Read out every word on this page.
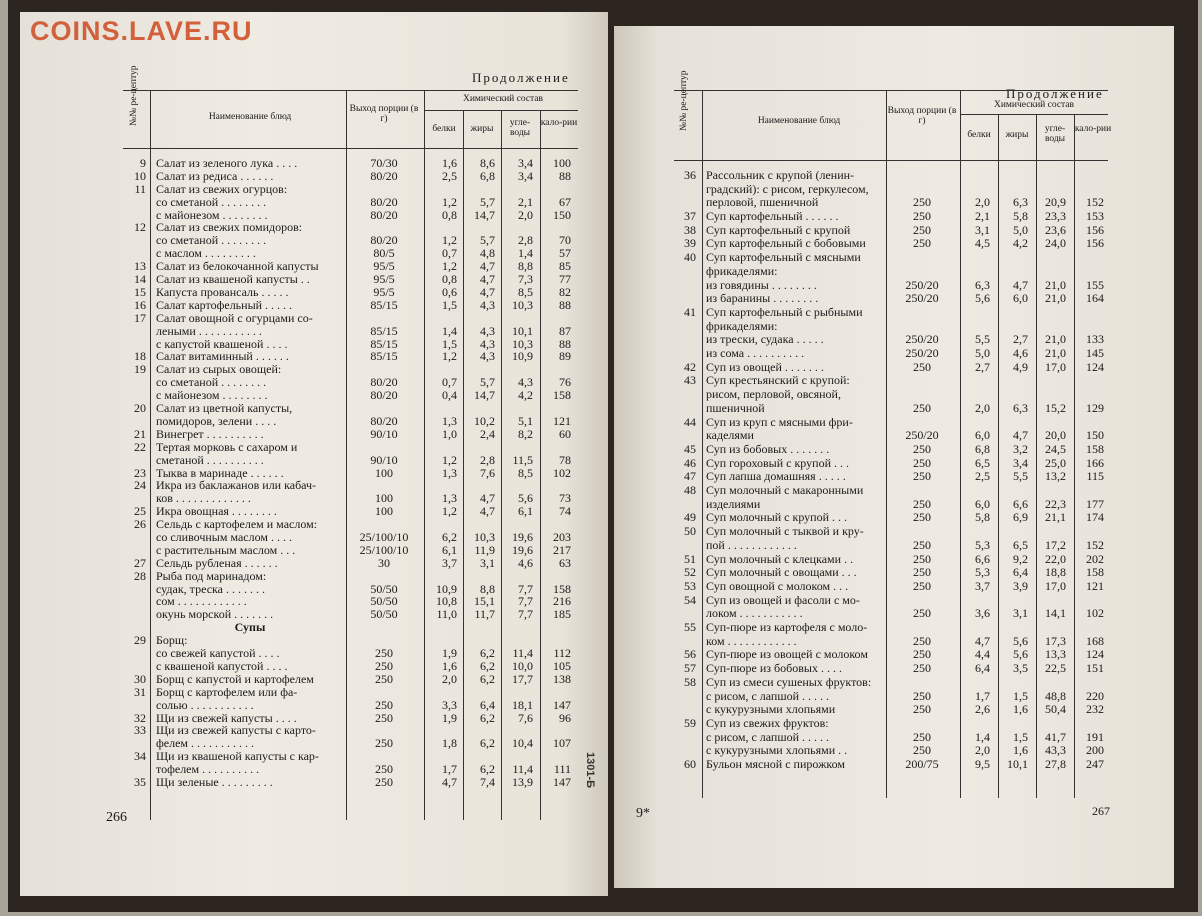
Продолжение
№№ ре-цептур	Наименование блюд
Выход порции (в г)
Химический состав
белки	жиры
угле-воды
кало-рии
9 Салат из зеленого лука . . . .	70/30	1,6	8,6	3,4	100
10 Салат из редиса . . . . . .	80/20	2,5	6,8	3,4	88
11 Салат из свежих огурцов:
со сметаной . . . . . . . .	80/20	1,2	5,7	2,1	67
с майонезом . . . . . . . .	80/20	0,8	14,7	2,0	150
12 Салат из свежих помидоров:
со сметаной . . . . . . . .	80/20	1,2	5,7	2,8	70
с маслом . . . . . . . . .	80/5	0,7	4,8	1,4	57
13 Салат из белокочанной капусты	95/5	1,2	4,7	8,8	85
14 Салат из квашеной капусты . .	95/5	0,8	4,7	7,3	77
15 Капуста провансаль . . . . .	95/5	0,6	4,7	8,5	82
16 Салат картофельный . . . . .	85/15	1,5	4,3	10,3	88
17 Салат овощной с огурцами со-
леными . . . . . . . . . . .	85/15	1,4	4,3	10,1	87
с капустой квашеной . . . .	85/15	1,5	4,3	10,3	88
18 Салат витаминный . . . . . .	85/15	1,2	4,3	10,9	89
19 Салат из сырых овощей:
со сметаной . . . . . . . .	80/20	0,7	5,7	4,3	76
с майонезом . . . . . . . .	80/20	0,4	14,7	4,2	158
20 Салат из цветной капусты,
помидоров, зелени . . . .	80/20	1,3	10,2	5,1	121
21 Винегрет . . . . . . . . . .	90/10	1,0	2,4	8,2	60
22 Тертая морковь с сахаром и
сметаной . . . . . . . . . .	90/10	1,2	2,8	11,5	78
23 Тыква в маринаде . . . . . .	100	1,3	7,6	8,5	102
24 Икра из баклажанов или кабач-
ков . . . . . . . . . . . . .	100	1,3	4,7	5,6	73
25 Икра овощная . . . . . . . .	100	1,2	4,7	6,1	74
26 Сельдь с картофелем и маслом:
со сливочным маслом . . . .	25/100/10	6,2	10,3	19,6	203
с растительным маслом . . .	25/100/10	6,1	11,9	19,6	217
27 Сельдь рубленая . . . . . .	30	3,7	3,1	4,6	63
28 Рыба под маринадом:
судак, треска . . . . . . .	50/50	10,9	8,8	7,7	158
сом . . . . . . . . . . . .	50/50	10,8	15,1	7,7	216
окунь морской . . . . . . .	50/50	11,0	11,7	7,7	185
Супы
29 Борщ:
со свежей капустой . . . .	250	1,9	6,2	11,4	112
с квашеной капустой . . . .	250	1,6	6,2	10,0	105
30 Борщ с капустой и картофелем	250	2,0	6,2	17,7	138
31 Борщ с картофелем или фа-
солью . . . . . . . . . . .	250	3,3	6,4	18,1	147
32 Щи из свежей капусты . . . .	250	1,9	6,2	7,6	96
33 Щи из свежей капусты с карто-
фелем . . . . . . . . . . .	250	1,8	6,2	10,4	107
34 Щи из квашеной капусты с кар-
тофелем . . . . . . . . . .	250	1,7	6,2	11,4	111
35 Щи зеленые . . . . . . . . .	250	4,7	7,4	13,9	147
266
Продолжение
№№ ре-цептур	Наименование блюд
Выход порции (в г)
Химический состав
белки	жиры
угле-воды
кало-рии
36 Рассольник с крупой (ленин-
градский): с рисом, геркулесом,
перловой, пшеничной	250	2,0	6,3	20,9	152
37 Суп картофельный . . . . . .	250	2,1	5,8	23,3	153
38 Суп картофельный с крупой	250	3,1	5,0	23,6	156
39 Суп картофельный с бобовыми	250	4,5	4,2	24,0	156
40 Суп картофельный с мясными
фрикаделями:
из говядины . . . . . . . .	250/20	6,3	4,7	21,0	155
из баранины . . . . . . . .	250/20	5,6	6,0	21,0	164
41 Суп картофельный с рыбными
фрикаделями:
из трески, судака . . . . .	250/20	5,5	2,7	21,0	133
из сома . . . . . . . . . .	250/20	5,0	4,6	21,0	145
42 Суп из овощей . . . . . . .	250	2,7	4,9	17,0	124
43 Суп крестьянский с крупой:
рисом, перловой, овсяной,
пшеничной	250	2,0	6,3	15,2	129
44 Суп из круп с мясными фри-
каделями	250/20	6,0	4,7	20,0	150
45 Суп из бобовых . . . . . . .	250	6,8	3,2	24,5	158
46 Суп гороховый с крупой . . .	250	6,5	3,4	25,0	166
47 Суп лапша домашняя . . . . .	250	2,5	5,5	13,2	115
48 Суп молочный с макаронными
изделиями	250	6,0	6,6	22,3	177
49 Суп молочный с крупой . . .	250	5,8	6,9	21,1	174
50 Суп молочный с тыквой и кру-
пой . . . . . . . . . . . .	250	5,3	6,5	17,2	152
51 Суп молочный с клецками . .	250	6,6	9,2	22,0	202
52 Суп молочный с овощами . . .	250	5,3	6,4	18,8	158
53 Суп овощной с молоком . . .	250	3,7	3,9	17,0	121
54 Суп из овощей и фасоли с мо-
локом . . . . . . . . . . .	250	3,6	3,1	14,1	102
55 Суп-пюре из картофеля с моло-
ком . . . . . . . . . . . .	250	4,7	5,6	17,3	168
56 Суп-пюре из овощей с молоком	250	4,4	5,6	13,3	124
57 Суп-пюре из бобовых . . . .	250	6,4	3,5	22,5	151
58 Суп из смеси сушеных фруктов:
с рисом, с лапшой . . . . .	250	1,7	1,5	48,8	220
с кукурузными хлопьями	250	2,6	1,6	50,4	232
59 Суп из свежих фруктов:
с рисом, с лапшой . . . . .	250	1,4	1,5	41,7	191
с кукурузными хлопьями . .	250	2,0	1,6	43,3	200
60 Бульон мясной с пирожком	200/75	9,5	10,1	27,8	247
9*	267
1301-Б
COINS.LAVE.RU
